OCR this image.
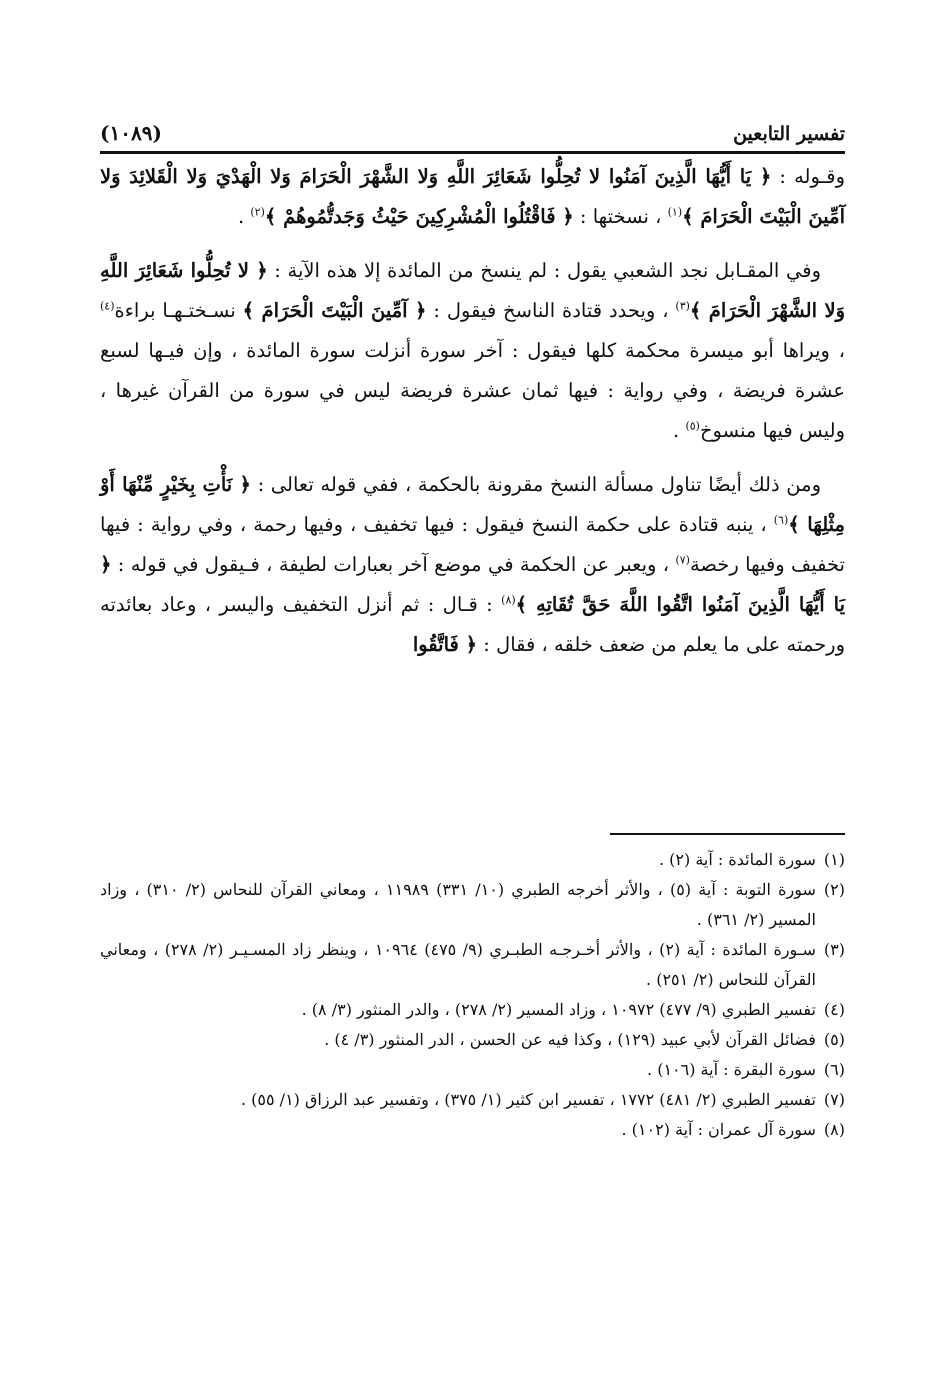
تفسير التابعين
(١٠٨٩)

وقـوله : ﴿ يَا أَيُّهَا الَّذِينَ آمَنُوا لا تُحِلُّوا شَعَائِرَ اللَّهِ وَلا الشَّهْرَ الْحَرَامَ وَلا الْهَدْيَ وَلا الْقَلائِدَ وَلا آمِّينَ الْبَيْتَ الْحَرَامَ ﴾$^{(١)}$ ، نسختها : ﴿ فَاقْتُلُوا الْمُشْرِكِينَ حَيْثُ وَجَدتُّمُوهُمْ ﴾$^{(٢)}$ .

وفي المقـابل نجد الشعبي يقول : لم ينسخ من المائدة إلا هذه الآية : ﴿ لا تُحِلُّوا شَعَائِرَ اللَّهِ وَلا الشَّهْرَ الْحَرَامَ ﴾$^{(٣)}$ ، ويحدد قتادة الناسخ فيقول : ﴿ آمِّينَ الْبَيْتَ الْحَرَامَ ﴾ نسـختـهـا براءة$^{(٤)}$ ، ويراها أبو ميسرة محكمة كلها فيقول : آخر سورة أنزلت سورة المائدة ، وإن فيـها لسبع عشرة فريضة ، وفي رواية : فيها ثمان عشرة فريضة ليس في سورة من القرآن غيرها ، وليس فيها منسوخ$^{(٥)}$ .

ومن ذلك أيضًا تناول مسألة النسخ مقرونة بالحكمة ، ففي قوله تعالى : ﴿ نَأْتِ بِخَيْرٍ مِّنْهَا أَوْ مِثْلِهَا ﴾$^{(٦)}$ ، ينبه قتادة على حكمة النسخ فيقول : فيها تخفيف ، وفيها رحمة ، وفي رواية : فيها تخفيف وفيها رخصة$^{(٧)}$ ، ويعبر عن الحكمة في موضع آخر بعبارات لطيفة ، فـيقول في قوله : ﴿ يَا أَيُّهَا الَّذِينَ آمَنُوا اتَّقُوا اللَّهَ حَقَّ تُقَاتِهِ ﴾$^{(٨)}$ : قـال : ثم أنزل التخفيف واليسر ، وعاد بعائدته ورحمته على ما يعلم من ضعف خلقه ، فقال : ﴿ فَاتَّقُوا

(١)
سورة المائدة : آية (٢) .

(٢)
سورة التوبة : آية (٥) ، والأثر أخرجه الطبري (١٠/ ٣٣١) ١١٩٨٩ ، ومعاني القرآن للنحاس (٢/ ٣١٠) ، وزاد المسير (٢/ ٣٦١) .

(٣)
سـورة المائدة : آية (٢) ، والأثر أخـرجـه الطبـري (٩/ ٤٧٥) ١٠٩٦٤ ، وينظر زاد المسـيـر (٢/ ٢٧٨) ، ومعاني القرآن للنحاس (٢/ ٢٥١) .

(٤)
تفسير الطبري (٩/ ٤٧٧) ١٠٩٧٢ ، وزاد المسير (٢/ ٢٧٨) ، والدر المنثور (٣/ ٨) .

(٥)
فضائل القرآن لأبي عبيد (١٢٩) ، وكذا فيه عن الحسن ، الدر المنثور (٣/ ٤) .

(٦)
سورة البقرة : آية (١٠٦) .

(٧)
تفسير الطبري (٢/ ٤٨١) ١٧٧٢ ، تفسير ابن كثير (١/ ٣٧٥) ، وتفسير عبد الرزاق (١/ ٥٥) .

(٨)
سورة آل عمران : آية (١٠٢) .
